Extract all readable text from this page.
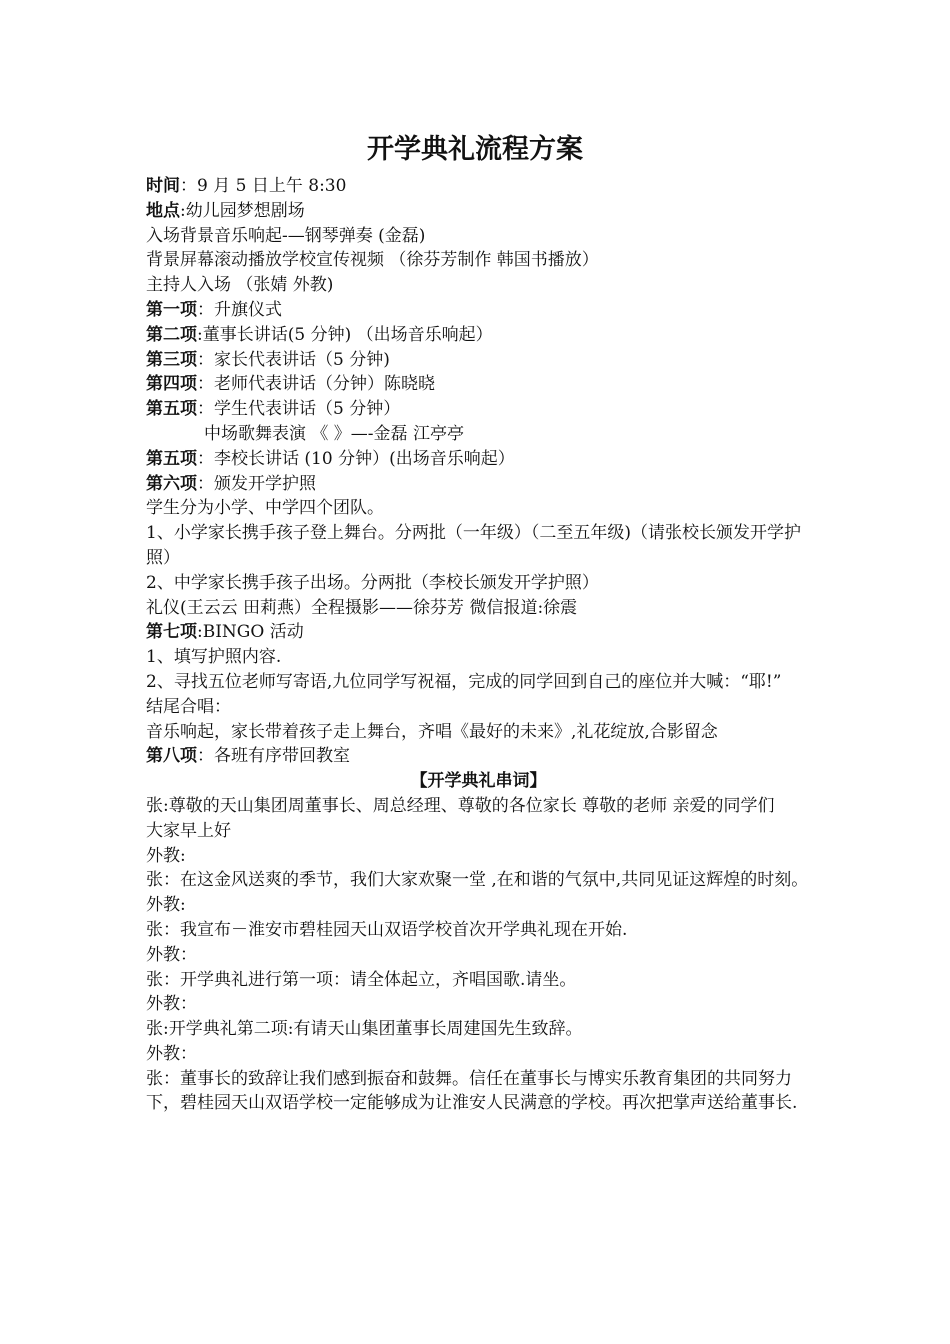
开学典礼流程方案

时间：9 月 5 日上午 8:30

地点:幼儿园梦想剧场

入场背景音乐响起-—钢琴弹奏 (金磊)

背景屏幕滚动播放学校宣传视频 （徐芬芳制作 韩国书播放）

主持人入场 （张婧 外教)

第一项：升旗仪式

第二项:董事长讲话(5 分钟) （出场音乐响起）

第三项：家长代表讲话（5 分钟)

第四项：老师代表讲话（分钟）陈晓晓

第五项：学生代表讲话（5 分钟）

中场歌舞表演 《 》—-金磊 江亭亭

第五项：李校长讲话 (10 分钟）(出场音乐响起）

第六项：颁发开学护照

学生分为小学、中学四个团队。

1、小学家长携手孩子登上舞台。分两批（一年级）（二至五年级)（请张校长颁发开学护照）

2、中学家长携手孩子出场。分两批（李校长颁发开学护照）

礼仪(王云云 田莉燕）全程摄影——徐芬芳 微信报道:徐震

第七项:BINGO 活动

1、填写护照内容.

2、寻找五位老师写寄语,九位同学写祝福，完成的同学回到自己的座位并大喊：“耶!”

结尾合唱：

音乐响起，家长带着孩子走上舞台，齐唱《最好的未来》,礼花绽放,合影留念

第八项：各班有序带回教室

【开学典礼串词】

张:尊敬的天山集团周董事长、周总经理、尊敬的各位家长 尊敬的老师 亲爱的同学们

大家早上好

外教:

张：在这金风送爽的季节，我们大家欢聚一堂 ,在和谐的气氛中,共同见证这辉煌的时刻。

外教:

张：我宣布－淮安市碧桂园天山双语学校首次开学典礼现在开始.

外教：

张：开学典礼进行第一项：请全体起立，齐唱国歌.请坐。

外教：

张:开学典礼第二项:有请天山集团董事长周建国先生致辞。

外教：

张：董事长的致辞让我们感到振奋和鼓舞。信任在董事长与博实乐教育集团的共同努力下，碧桂园天山双语学校一定能够成为让淮安人民满意的学校。再次把掌声送给董事长.
